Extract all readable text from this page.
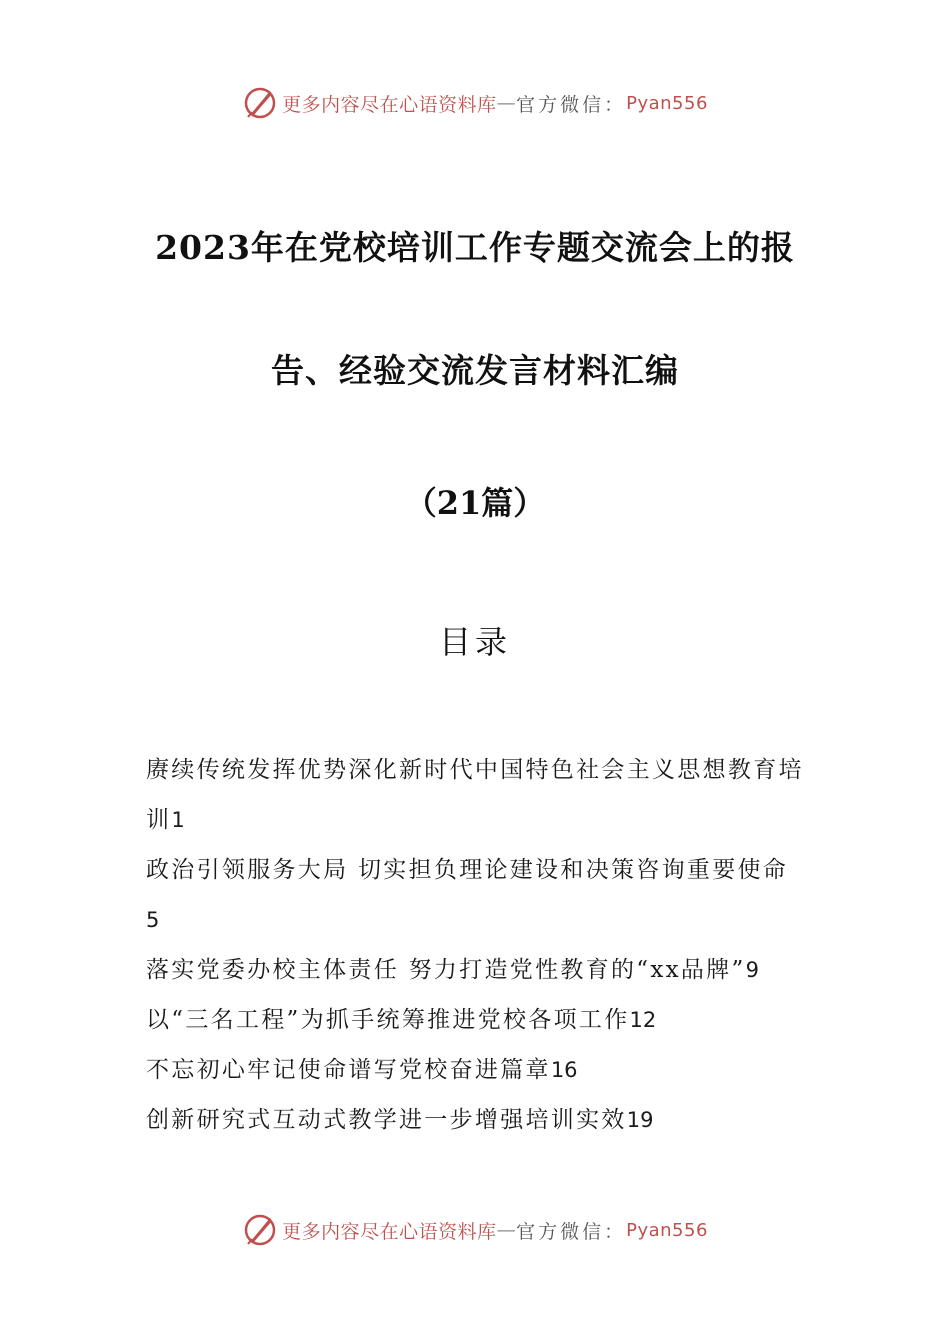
更多内容尽在心语资料库 — 官方微信： Pyan556
2023年在党校培训工作专题交流会上的报
告、经验交流发言材料汇编
（21篇）
目录
赓续传统发挥优势深化新时代中国特色社会主义思想教育培训1
政治引领服务大局 切实担负理论建设和决策咨询重要使命
5
落实党委办校主体责任 努力打造党性教育的“xx品牌”9
以“三名工程”为抓手统筹推进党校各项工作12
不忘初心牢记使命谱写党校奋进篇章16
创新研究式互动式教学进一步增强培训实效19
更多内容尽在心语资料库 — 官方微信： Pyan556
